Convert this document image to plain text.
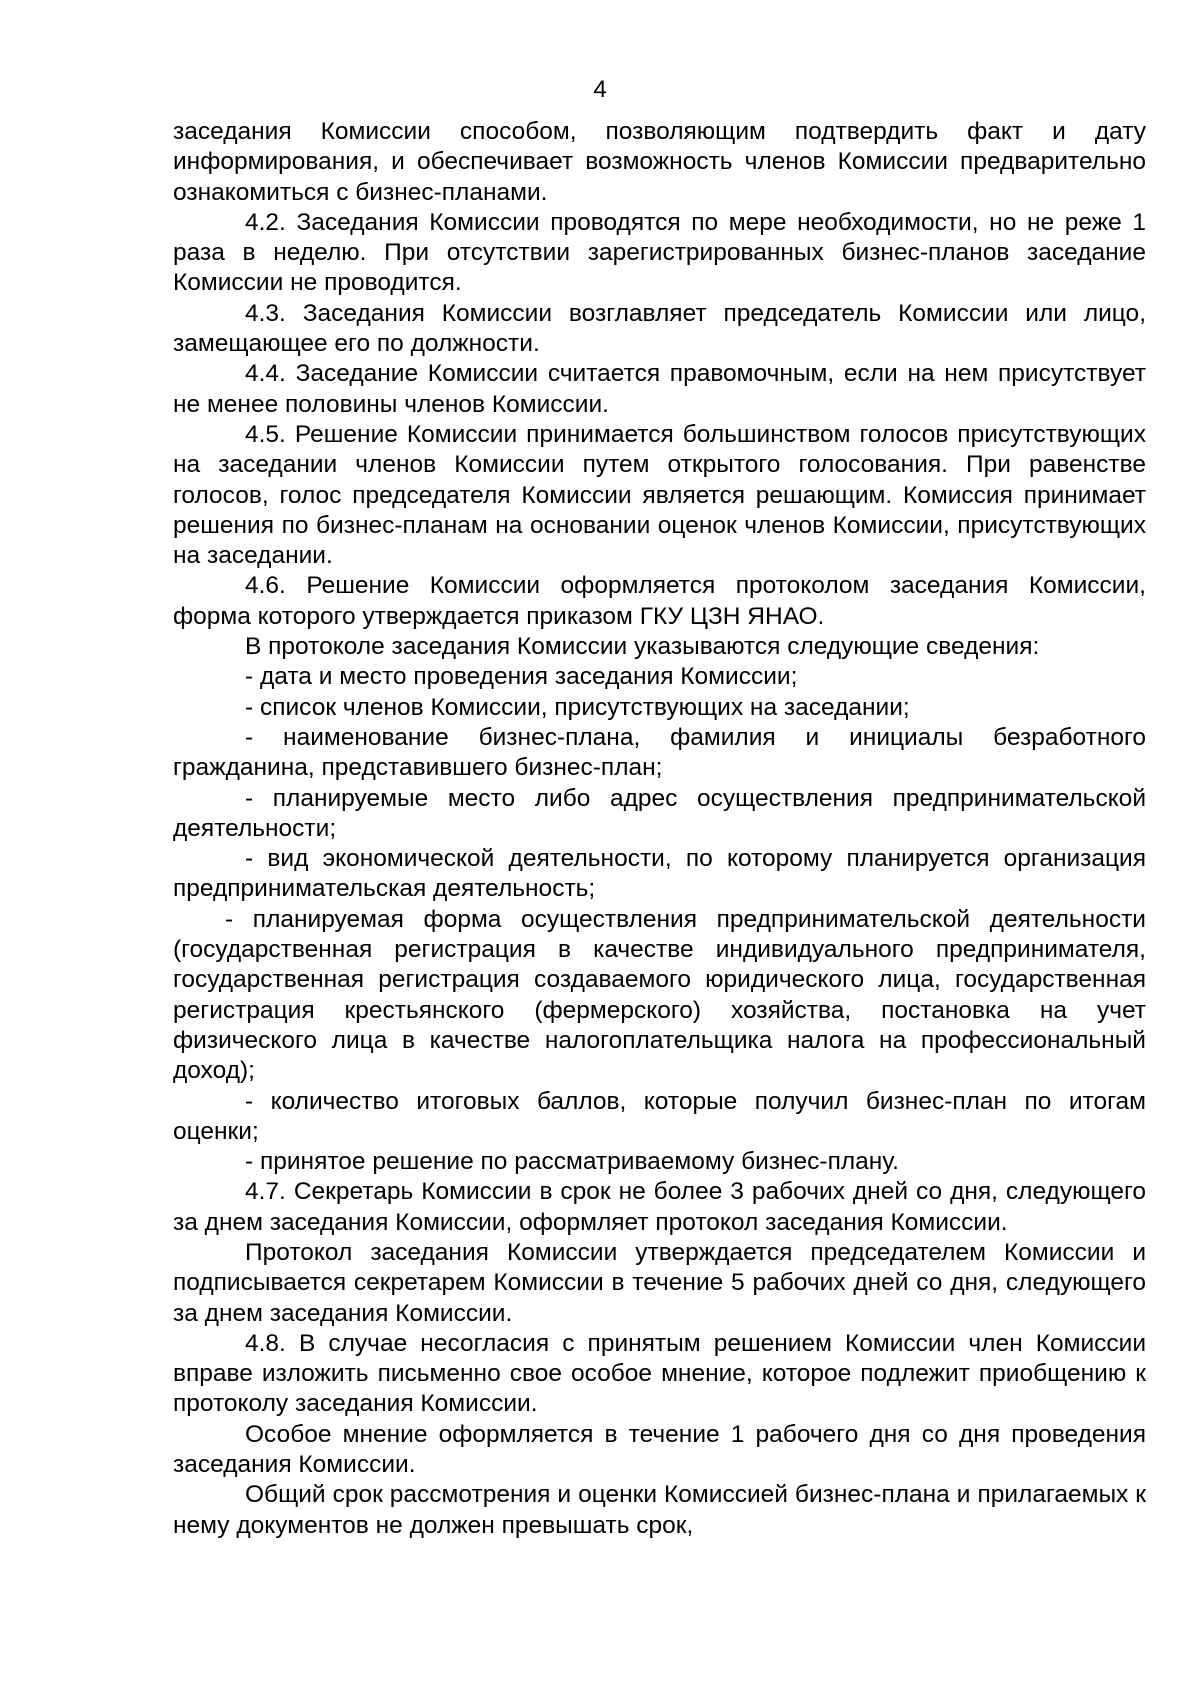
4

заседания Комиссии способом, позволяющим подтвердить факт и дату информирования, и обеспечивает возможность членов Комиссии предварительно ознакомиться с бизнес-планами.

4.2. Заседания Комиссии проводятся по мере необходимости, но не реже 1 раза в неделю. При отсутствии зарегистрированных бизнес-планов заседание Комиссии не проводится.

4.3. Заседания Комиссии возглавляет председатель Комиссии или лицо, замещающее его по должности.

4.4. Заседание Комиссии считается правомочным, если на нем присутствует не менее половины членов Комиссии.

4.5. Решение Комиссии принимается большинством голосов присутствующих на заседании членов Комиссии путем открытого голосования. При равенстве голосов, голос председателя Комиссии является решающим. Комиссия принимает решения по бизнес-планам на основании оценок членов Комиссии, присутствующих на заседании.

4.6. Решение Комиссии оформляется протоколом заседания Комиссии, форма которого утверждается приказом ГКУ ЦЗН ЯНАО.

В протоколе заседания Комиссии указываются следующие сведения:

- дата и место проведения заседания Комиссии;

- список членов Комиссии, присутствующих на заседании;

- наименование бизнес-плана, фамилия и инициалы безработного гражданина, представившего бизнес-план;

- планируемые место либо адрес осуществления предпринимательской деятельности;

- вид экономической деятельности, по которому планируется организация предпринимательская деятельность;

- планируемая форма осуществления предпринимательской деятельности (государственная регистрация в качестве индивидуального предпринимателя, государственная регистрация создаваемого юридического лица, государственная регистрация крестьянского (фермерского) хозяйства, постановка на учет физического лица в качестве налогоплательщика налога на профессиональный доход);

- количество итоговых баллов, которые получил бизнес-план по итогам оценки;

- принятое решение по рассматриваемому бизнес-плану.

4.7. Секретарь Комиссии в срок не более 3 рабочих дней со дня, следующего за днем заседания Комиссии, оформляет протокол заседания Комиссии.

Протокол заседания Комиссии утверждается председателем Комиссии и подписывается секретарем Комиссии в течение 5 рабочих дней со дня, следующего за днем заседания Комиссии.

4.8. В случае несогласия с принятым решением Комиссии член Комиссии вправе изложить письменно свое особое мнение, которое подлежит приобщению к протоколу заседания Комиссии.

Особое мнение оформляется в течение 1 рабочего дня со дня проведения заседания Комиссии.

Общий срок рассмотрения и оценки Комиссией бизнес-плана и прилагаемых к нему документов не должен превышать срок,
